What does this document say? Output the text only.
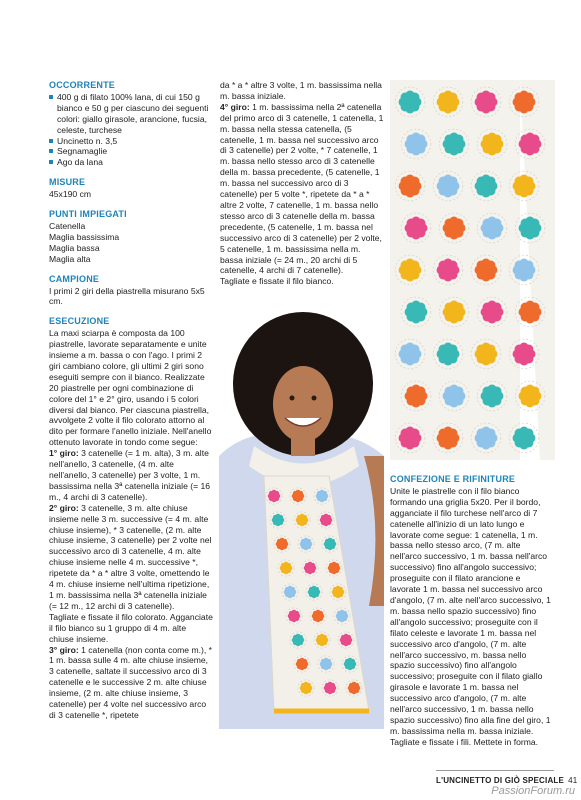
OCCORRENTE
400 g di filato 100% lana, di cui 150 g bianco e 50 g per ciascuno dei seguenti colori: giallo girasole, arancione, fucsia, celeste, turchese
Uncinetto n. 3,5
Segnamaglie
Ago da lana
MISURE

45x190 cm

PUNTI IMPIEGATI

Catenella

Maglia bassissima

Maglia bassa

Maglia alta

CAMPIONE

I primi 2 giri della piastrella misurano 5x5 cm.

ESECUZIONE

La maxi sciarpa è composta da 100 piastrelle, lavorate separatamente e unite insieme a m. bassa o con l'ago. I primi 2 giri cambiano colore, gli ultimi 2 giri sono eseguiti sempre con il bianco. Realizzate 20 piastrelle per ogni combinazione di colore del 1° e 2° giro, usando i 5 colori diversi dal bianco. Per ciascuna piastrella, avvolgete 2 volte il filo colorato attorno al dito per formare l'anello iniziale. Nell'anello ottenuto lavorate in tondo come segue:

1° giro: 3 catenelle (= 1 m. alta), 3 m. alte nell'anello, 3 catenelle, (4 m. alte nell'anello, 3 catenelle) per 3 volte, 1 m. bassissima nella 3ª catenella iniziale (= 16 m., 4 archi di 3 catenelle).

2° giro: 3 catenelle, 3 m. alte chiuse insieme nelle 3 m. successive (= 4 m. alte chiuse insieme), * 3 catenelle, (2 m. alte chiuse insieme, 3 catenelle) per 2 volte nel successivo arco di 3 catenelle, 4 m. alte chiuse insieme nelle 4 m. successive *, ripetete da * a * altre 3 volte, omettendo le 4 m. chiuse insieme nell'ultima ripetizione, 1 m. bassissima nella 3ª catenella iniziale (= 12 m., 12 archi di 3 catenelle).

Tagliate e fissate il filo colorato. Agganciate il filo bianco su 1 gruppo di 4 m. alte chiuse insieme.

3° giro: 1 catenella (non conta come m.), * 1 m. bassa sulle 4 m. alte chiuse insieme, 3 catenelle, saltate il successivo arco di 3 catenelle e le successive 2 m. alte chiuse insieme, (2 m. alte chiuse insieme, 3 catenelle) per 4 volte nel successivo arco di 3 catenelle *, ripetete

da * a * altre 3 volte, 1 m. bassissima nella m. bassa iniziale.

4° giro: 1 m. bassissima nella 2ª catenella del primo arco di 3 catenelle, 1 catenella, 1 m. bassa nella stessa catenella, (5 catenelle, 1 m. bassa nel successivo arco di 3 catenelle) per 2 volte, * 7 catenelle, 1 m. bassa nello stesso arco di 3 catenelle della m. bassa precedente, (5 catenelle, 1 m. bassa nel successivo arco di 3 catenelle) per 5 volte *, ripetete da * a * altre 2 volte, 7 catenelle, 1 m. bassa nello stesso arco di 3 catenelle della m. bassa precedente, (5 catenelle, 1 m. bassa nel successivo arco di 3 catenelle) per 2 volte, 5 catenelle, 1 m. bassissima nella m. bassa iniziale (= 24 m., 20 archi di 5 catenelle, 4 archi di 7 catenelle).

Tagliate e fissate il filo bianco.

CONFEZIONE E RIFINITURE

Unite le piastrelle con il filo bianco formando una griglia 5x20. Per il bordo, agganciate il filo turchese nell'arco di 7 catenelle all'inizio di un lato lungo e lavorate come segue: 1 catenella, 1 m. bassa nello stesso arco, (7 m. alte nell'arco successivo, 1 m. bassa nell'arco successivo) fino all'angolo successivo; proseguite con il filato arancione e lavorate 1 m. bassa nel successivo arco d'angolo, (7 m. alte nell'arco successivo, 1 m. bassa nello spazio successivo) fino all'angolo successivo; proseguite con il filato celeste e lavorate 1 m. bassa nel successivo arco d'angolo, (7 m. alte nell'arco successivo, m. bassa nello spazio successivo) fino all'angolo successivo; proseguite con il filato giallo girasole e lavorate 1 m. bassa nel successivo arco d'angolo, (7 m. alte nell'arco successivo, 1 m. bassa nello spazio successivo) fino alla fine del giro, 1 m. bassissima nella m. bassa iniziale. Tagliate e fissate i fili. Mettete in forma.

L'UNCINETTO DI GIÒ SPECIALE 41
PassionForum.ru
